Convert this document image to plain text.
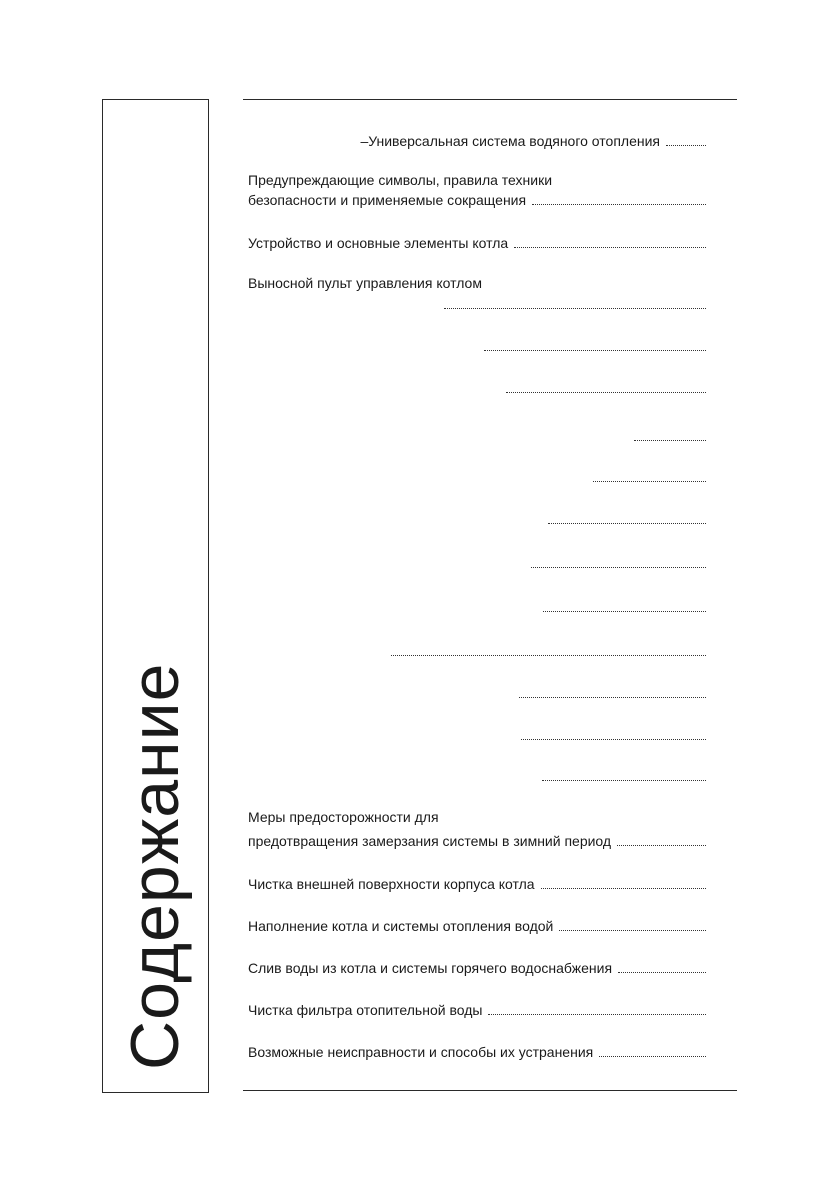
Содержание
–Универсальная система водяного отопления
Предупреждающие символы, правила техники
безопасности и применяемые сокращения
Устройство и основные элементы котла
Выносной пульт управления котлом
Меры предосторожности для
предотвращения замерзания системы в зимний период
Чистка внешней поверхности корпуса котла
Наполнение котла и системы отопления водой
Слив воды из котла и системы горячего водоснабжения
Чистка фильтра отопительной воды
Возможные неисправности и способы их устранения
